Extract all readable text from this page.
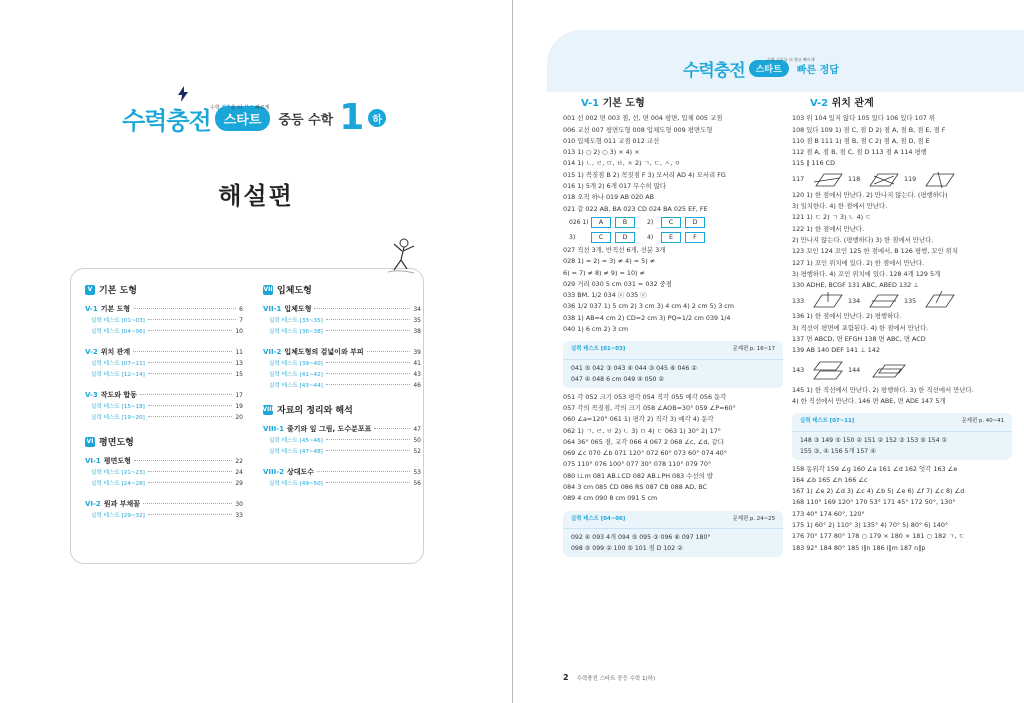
수력충전	스타트	중등 수학 1 하
수학 기초를 더 쉽고 빠르게
해설편
V 기본 도형
V-1 기본 도형	6
실력 테스트 [01~03]	7
실력 테스트 [04~06]	10
V-2 위치 관계	11
실력 테스트 [07~11]	13
실력 테스트 [12~14]	15
V-3 작도와 합동	17
실력 테스트 [15~18]	19
실력 테스트 [19~20]	20
VI 평면도형
VI-1 평면도형	22
실력 테스트 [21~23]	24
실력 테스트 [24~28]	29
VI-2 원과 부채꼴	30
실력 테스트 [29~32]	33
VII 입체도형
VII-1 입체도형	34
실력 테스트 [33~35]	35
실력 테스트 [36~38]	38
VII-2 입체도형의 겉넓이와 부피	39
실력 테스트 [39~40]	41
실력 테스트 [41~42]	43
실력 테스트 [43~44]	46
VIII 자료의 정리와 해석
VIII-1 줄기와 잎 그림, 도수분포표	47
실력 테스트 [45~46]	50
실력 테스트 [47~48]	52
VIII-2 상대도수	53
실력 테스트 [49~50]	56
수력충전	스타트	빠른 정답
수학 기초를 더 쉽고 빠르게
V-1 기본 도형
001 선 002 면 003 점, 선, 면 004 평면, 입체 005 교점
006 교선 007 평면도형 008 입체도형 009 평면도형
010 입체도형 011 교점 012 교선
013 1) ○ 2) ○ 3) × 4) ×
014 1) ㄴ, ㄹ, ㅁ, ㅂ, ㅊ 2) ㄱ, ㄷ, ㅅ, ㅇ
015 1) 꼭짓점 B 2) 꼭짓점 F 3) 모서리 AD 4) 모서리 FG
016 1) 5개 2) 6개 017 무수히 많다
018 오직 하나 019 AB 020 AB
021 같 022 AB, BA 023 CD 024 BA 025 EF, FE
026 1)	A	B	2)	C	D
3)	C	D	4)	E	F
027 직선 3개, 반직선 6개, 선분 3개
028 1) = 2) = 3) ≠ 4) = 5) ≠
6) = 7) ≠ 8) ≠ 9) = 10) ≠
029 거리 030 5 cm 031 = 032 중점
033 BM, 1/2 034 ⓔ 035 ⓔ
036 1/2 037 1) 5 cm 2) 3 cm 3) 4 cm 4) 2 cm 5) 3 cm
038 1) AB=4 cm 2) CD=2 cm 3) PQ=1/2 cm 039 1/4
040 1) 6 cm 2) 3 cm
실력 테스트 [01~03]	문제편 p. 16~17
041 ⑤ 042 ③ 043 ④ 044 ③ 045 ⑥ 046 ②
047 ④ 048 6 cm 049 ④ 050 ②
051 각 052 크기 053 평각 054 직각 055 예각 056 둔각
057 각의 꼭짓점, 각의 크기 058 ∠AOB=30° 059 ∠P=60°
060 ∠a=120° 061 1) 평각 2) 직각 3) 예각 4) 둔각
062 1) ㄱ, ㄹ, ㅂ 2) ㄴ 3) ㅁ 4) ㄷ 063 1) 30° 2) 17°
064 36° 065 점, 교각 066 4 067 2 068 ∠c, ∠d, 같다
069 ∠c 070 ∠b 071 120° 072 60° 073 60° 074 40°
075 110° 076 100° 077 30° 078 110° 079 70°
080 l⊥m 081 AB⊥CD 082 AB⊥PH 083 수선의 발
084 3 cm 085 CD 086 RS 087 CB 088 AD, BC
089 4 cm 090 8 cm 091 5 cm
실력 테스트 [04~06]	문제편 p. 24~25
092 ④ 093 4개 094 ⑤ 095 ③ 096 ⑥ 097 180°
098 ⑤ 099 ② 100 ⑤ 101 점 D 102 ②
V-2 위치 관계
103 위 104 있지 않다 105 있다 106 있다 107 위
108 있다 109 1) 점 C, 점 D 2) 점 A, 점 B, 점 E, 점 F
110 점 B 111 1) 점 B, 점 C 2) 점 A, 점 D, 점 E
112 점 A, 점 B, 점 C, 점 D 113 점 A 114 평행
115 ∥ 116 CD
117	118	119
120 1) 한 점에서 만난다. 2) 만나지 않는다. (평행하다)
3) 일치한다. 4) 한 점에서 만난다.
121 1) ㄷ 2) ㄱ 3) ㄴ 4) ㄷ
122 1) 한 점에서 만난다.
2) 만나지 않는다. (평행하다) 3) 한 점에서 만난다.
123 꼬인 124 꼬인 125 한 점에서, B 126 평행, 꼬인 위치
127 1) 꼬인 위치에 있다. 2) 한 점에서 만난다.
3) 평행하다. 4) 꼬인 위치에 있다. 128 4개 129 5개
130 ADHE, BCGF 131 ABC, ABED 132 ⊥
133	134	135
136 1) 한 점에서 만난다. 2) 평행하다.
3) 직선이 평면에 포함된다. 4) 한 점에서 만난다.
137 면 ABCD, 면 EFGH 138 면 ABC, 면 ACD
139 AB 140 DEF 141 ⊥ 142
143	144
145 1) 한 직선에서 만난다. 2) 평행하다. 3) 한 직선에서 만난다.
4) 한 직선에서 만난다. 146 면 ABE, 면 ADE 147 5개
실력 테스트 [07~11]	문제편 p. 40~41
148 ③ 149 ⑤ 150 ② 151 ② 152 ③ 153 ⑤ 154 ①
155 ③, ④ 156 5개 157 ④
158 동위각 159 ∠g 160 ∠a 161 ∠d 162 엇각 163 ∠e
164 ∠b 165 ∠h 166 ∠c
167 1) ∠e 2) ∠d 3) ∠c 4) ∠b 5) ∠e 6) ∠f 7) ∠c 8) ∠d
168 110° 169 120° 170 53° 171 45° 172 50°, 130°
173 40° 174 60°, 120°
175 1) 60° 2) 110° 3) 135° 4) 70° 5) 80° 6) 140°
176 70° 177 80° 178 ○ 179 × 180 × 181 ○ 182 ㄱ, ㄷ
183 92° 184 80° 185 l∥n 186 l∥m 187 n∥p
2 수력충전 스타트 중등 수학 1(하)
